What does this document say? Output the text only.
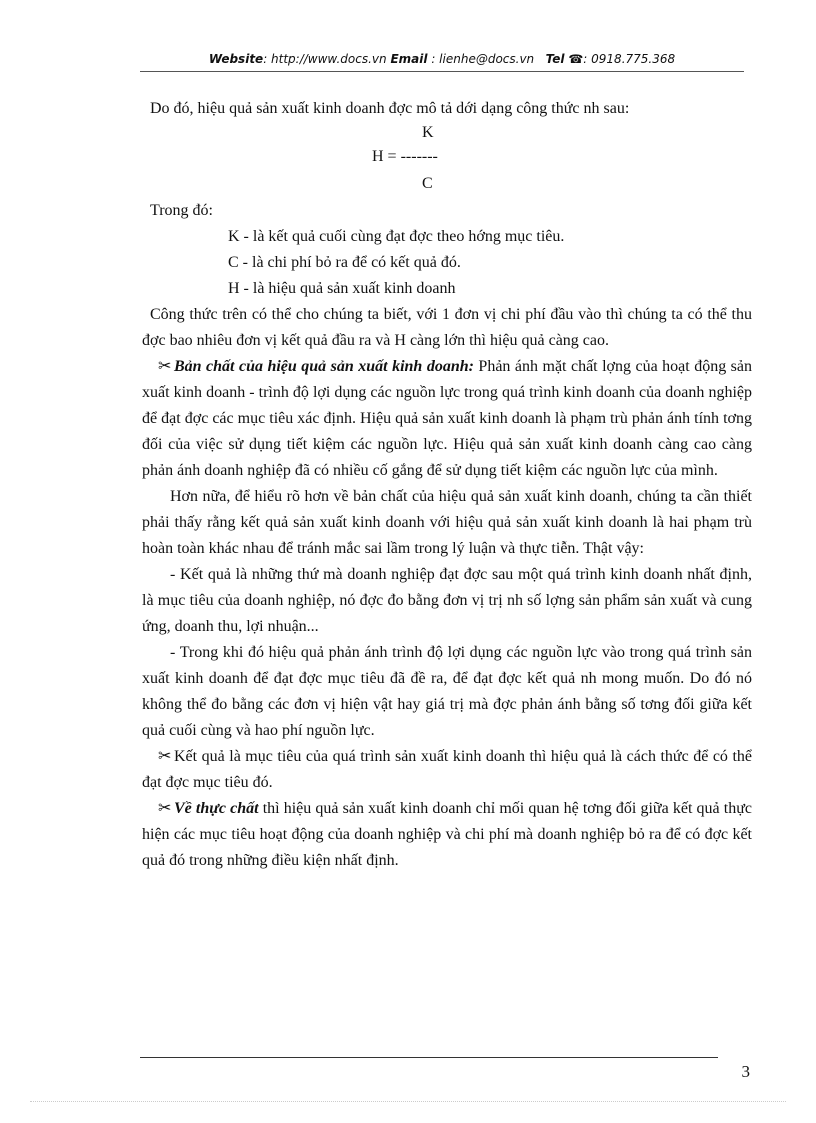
Website: http://www.docs.vn Email : lienhe@docs.vn Tel ☎: 0918.775.368

Do đó, hiệu quả sản xuất kinh doanh đợc mô tả dới dạng công thức nh sau:

K
H = -------
C

Trong đó:

K - là kết quả cuối cùng đạt đợc theo hớng mục tiêu.

C - là chi phí bỏ ra để có kết quả đó.

H - là hiệu quả sản xuất kinh doanh

Công thức trên có thể cho chúng ta biết, với 1 đơn vị chi phí đầu vào thì chúng ta có thể thu đợc bao nhiêu đơn vị kết quả đầu ra và H càng lớn thì hiệu quả càng cao.

✂ Bản chất của hiệu quả sản xuất kinh doanh: Phản ánh mặt chất lợng của hoạt động sản xuất kinh doanh - trình độ lợi dụng các nguồn lực trong quá trình kinh doanh của doanh nghiệp để đạt đợc các mục tiêu xác định. Hiệu quả sản xuất kinh doanh là phạm trù phản ánh tính tơng đối của việc sử dụng tiết kiệm các nguồn lực. Hiệu quả sản xuất kinh doanh càng cao càng phản ánh doanh nghiệp đã có nhiều cố gắng để sử dụng tiết kiệm các nguồn lực của mình.

Hơn nữa, để hiểu rõ hơn về bản chất của hiệu quả sản xuất kinh doanh, chúng ta cần thiết phải thấy rằng kết quả sản xuất kinh doanh với hiệu quả sản xuất kinh doanh là hai phạm trù hoàn toàn khác nhau để tránh mắc sai lầm trong lý luận và thực tiễn. Thật vậy:

- Kết quả là những thứ mà doanh nghiệp đạt đợc sau một quá trình kinh doanh nhất định, là mục tiêu của doanh nghiệp, nó đợc đo bằng đơn vị trị nh số lợng sản phẩm sản xuất và cung ứng, doanh thu, lợi nhuận...

- Trong khi đó hiệu quả phản ánh trình độ lợi dụng các nguồn lực vào trong quá trình sản xuất kinh doanh để đạt đợc mục tiêu đã đề ra, để đạt đợc kết quả nh mong muốn. Do đó nó không thể đo bằng các đơn vị hiện vật hay giá trị mà đợc phản ánh bằng số tơng đối giữa kết quả cuối cùng và hao phí nguồn lực.

✂ Kết quả là mục tiêu của quá trình sản xuất kinh doanh thì hiệu quả là cách thức để có thể đạt đợc mục tiêu đó.

✂ Về thực chất thì hiệu quả sản xuất kinh doanh chỉ mối quan hệ tơng đối giữa kết quả thực hiện các mục tiêu hoạt động của doanh nghiệp và chi phí mà doanh nghiệp bỏ ra để có đợc kết quả đó trong những điều kiện nhất định.

3
